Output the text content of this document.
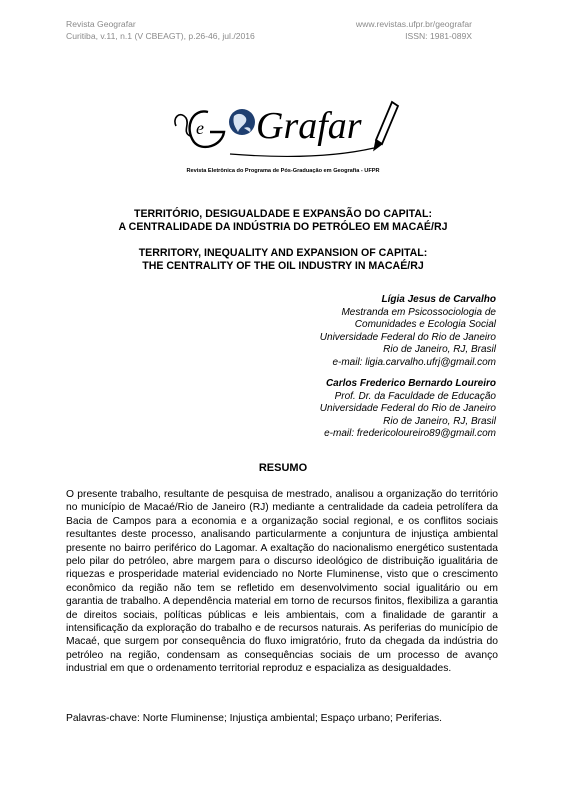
Revista Geografar
Curitiba, v.11, n.1 (V CBEAGT), p.26-46, jul./2016
www.revistas.ufpr.br/geografar
ISSN: 1981-089X
e Grafar
Revista Eletrônica do Programa de Pós-Graduação em Geografia - UFPR
TERRITÓRIO, DESIGUALDADE E EXPANSÃO DO CAPITAL:
A CENTRALIDADE DA INDÚSTRIA DO PETRÓLEO EM MACAÉ/RJ
TERRITORY, INEQUALITY AND EXPANSION OF CAPITAL:
THE CENTRALITY OF THE OIL INDUSTRY IN MACAÉ/RJ
Lígia Jesus de Carvalho
Mestranda em Psicossociologia de
Comunidades e Ecologia Social
Universidade Federal do Rio de Janeiro
Rio de Janeiro, RJ, Brasil
e-mail: ligia.carvalho.ufrj@gmail.com
Carlos Frederico Bernardo Loureiro
Prof. Dr. da Faculdade de Educação
Universidade Federal do Rio de Janeiro
Rio de Janeiro, RJ, Brasil
e-mail: fredericoloureiro89@gmail.com
RESUMO

O presente trabalho, resultante de pesquisa de mestrado, analisou a organização do território no município de Macaé/Rio de Janeiro (RJ) mediante a centralidade da cadeia petrolífera da Bacia de Campos para a economia e a organização social regional, e os conflitos sociais resultantes deste processo, analisando particularmente a conjuntura de injustiça ambiental presente no bairro periférico do Lagomar. A exaltação do nacionalismo energético sustentada pelo pilar do petróleo, abre margem para o discurso ideológico de distribuição igualitária de riquezas e prosperidade material evidenciado no Norte Fluminense, visto que o crescimento econômico da região não tem se refletido em desenvolvimento social igualitário ou em garantia de trabalho. A dependência material em torno de recursos finitos, flexibiliza a garantia de direitos sociais, políticas públicas e leis ambientais, com a finalidade de garantir a intensificação da exploração do trabalho e de recursos naturais. As periferias do município de Macaé, que surgem por consequência do fluxo imigratório, fruto da chegada da indústria do petróleo na região, condensam as consequências sociais de um processo de avanço industrial em que o ordenamento territorial reproduz e espacializa as desigualdades.

Palavras-chave: Norte Fluminense; Injustiça ambiental; Espaço urbano; Periferias.
